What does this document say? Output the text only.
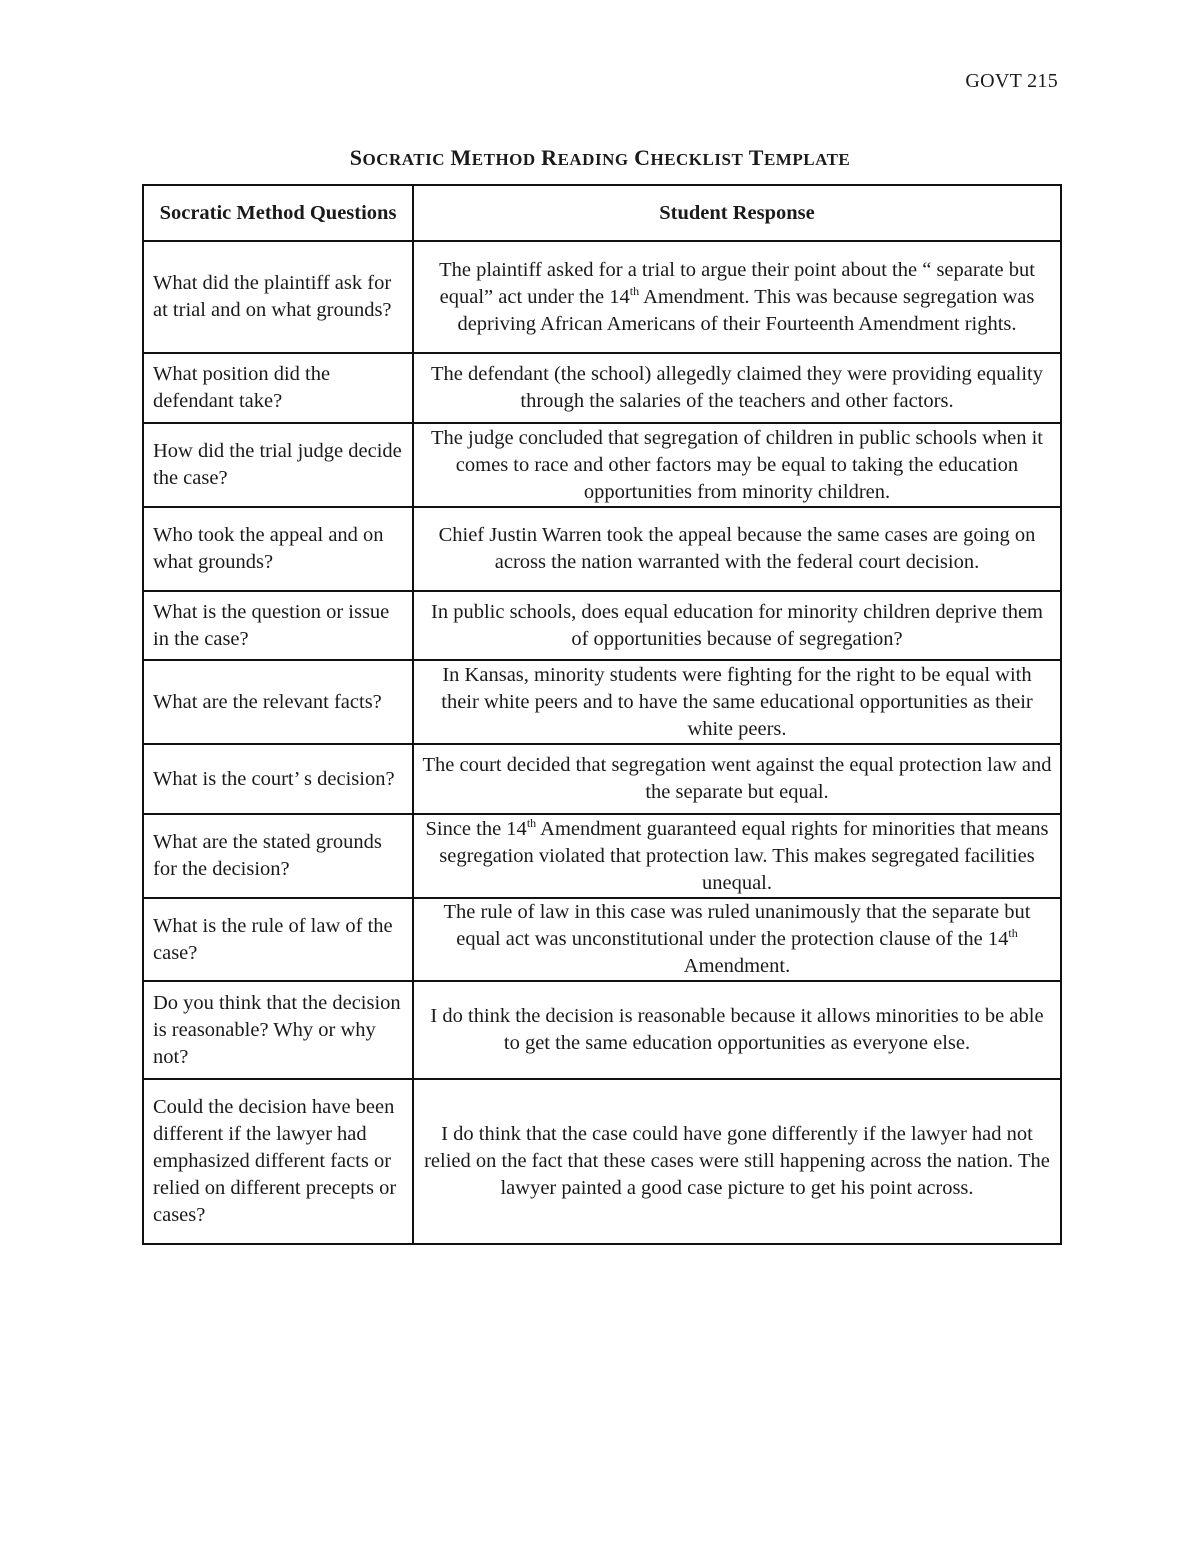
GOVT 215
SOCRATIC METHOD READING CHECKLIST TEMPLATE
Socratic Method Questions	Student Response
What did the plaintiff ask for at trial and on what grounds?	The plaintiff asked for a trial to argue their point about the “ separate but equal” act under the 14th Amendment. This was because segregation was depriving African Americans of their Fourteenth Amendment rights.
What position did the defendant take?	The defendant (the school) allegedly claimed they were providing equality through the salaries of the teachers and other factors.
How did the trial judge decide the case?	The judge concluded that segregation of children in public schools when it comes to race and other factors may be equal to taking the education opportunities from minority children.
Who took the appeal and on what grounds?	Chief Justin Warren took the appeal because the same cases are going on across the nation warranted with the federal court decision.
What is the question or issue in the case?	In public schools, does equal education for minority children deprive them of opportunities because of segregation?
What are the relevant facts?	In Kansas, minority students were fighting for the right to be equal with their white peers and to have the same educational opportunities as their white peers.
What is the court’ s decision?	The court decided that segregation went against the equal protection law and the separate but equal.
What are the stated grounds for the decision?	Since the 14th Amendment guaranteed equal rights for minorities that means segregation violated that protection law. This makes segregated facilities unequal.
What is the rule of law of the case?	The rule of law in this case was ruled unanimously that the separate but equal act was unconstitutional under the protection clause of the 14th Amendment.
Do you think that the decision is reasonable? Why or why not?	I do think the decision is reasonable because it allows minorities to be able to get the same education opportunities as everyone else.
Could the decision have been different if the lawyer had emphasized different facts or relied on different precepts or cases?	I do think that the case could have gone differently if the lawyer had not relied on the fact that these cases were still happening across the nation. The lawyer painted a good case picture to get his point across.
